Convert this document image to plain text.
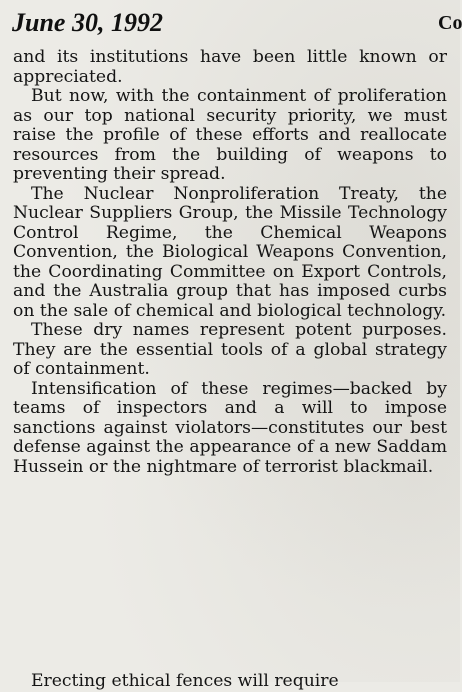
June 30, 1992	Co

and its institutions have been little known or appreciated.

But now, with the containment of proliferation as our top national security priority, we must raise the profile of these efforts and reallocate resources from the building of weapons to preventing their spread.

The Nuclear Nonproliferation Treaty, the Nuclear Suppliers Group, the Missile Technology Control Regime, the Chemical Weapons Convention, the Biological Weapons Convention, the Coordinating Committee on Export Controls, and the Australia group that has imposed curbs on the sale of chemical and biological technology.

These dry names represent potent purposes. They are the essential tools of a global strategy of containment.

Intensification of these regimes—backed by teams of inspectors and a will to impose sanctions against violators—constitutes our best defense against the appearance of a new Saddam Hussein or the nightmare of terrorist blackmail.

Erecting ethical fences will require
